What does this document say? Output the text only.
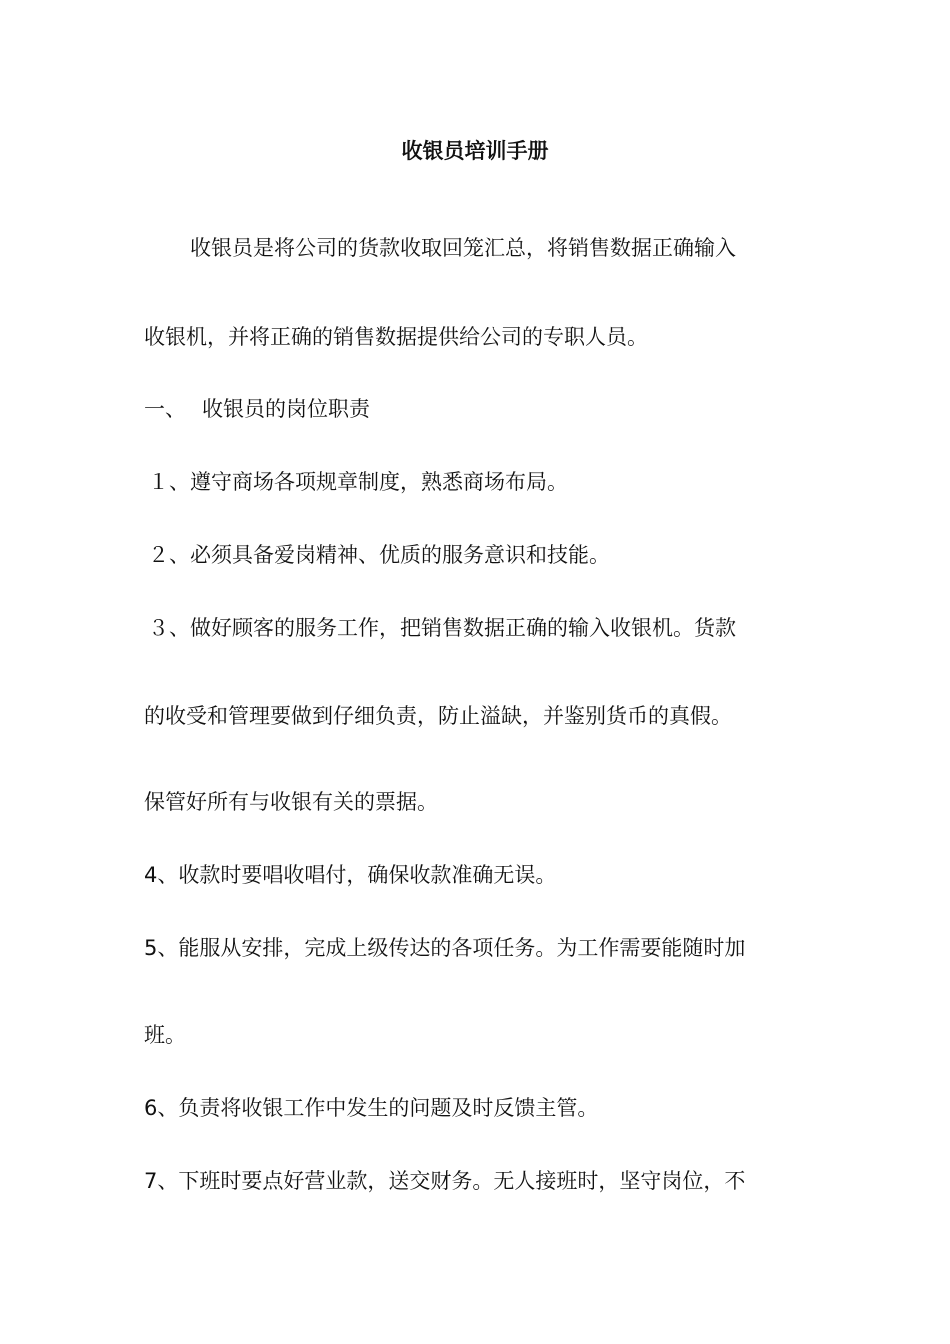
收银员培训手册
收银员是将公司的货款收取回笼汇总，将销售数据正确输入
收银机，并将正确的销售数据提供给公司的专职人员。
一、 收银员的岗位职责
１、遵守商场各项规章制度，熟悉商场布局。
２、必须具备爱岗精神、优质的服务意识和技能。
３、做好顾客的服务工作，把销售数据正确的输入收银机。货款
的收受和管理要做到仔细负责，防止溢缺，并鉴别货币的真假。
保管好所有与收银有关的票据。
4、收款时要唱收唱付，确保收款准确无误。
5、能服从安排，完成上级传达的各项任务。为工作需要能随时加
班。
6、负责将收银工作中发生的问题及时反馈主管。
7、下班时要点好营业款，送交财务。无人接班时，坚守岗位，不
